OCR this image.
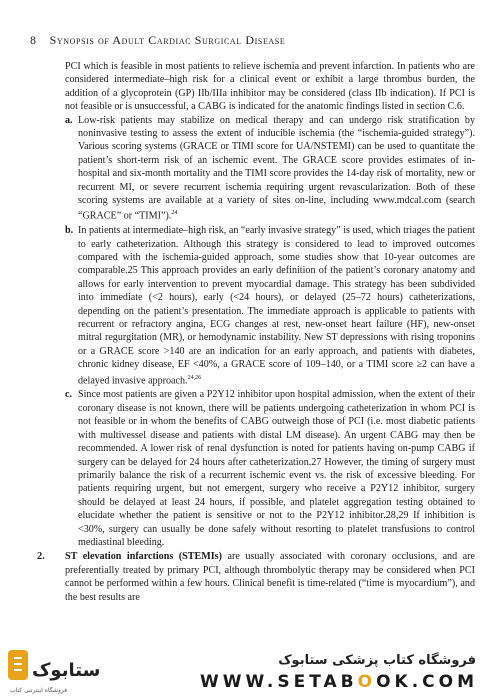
8 Synopsis of Adult Cardiac Surgical Disease

PCI which is feasible in most patients to relieve ischemia and prevent infarction. In patients who are considered intermediate–high risk for a clinical event or exhibit a large thrombus burden, the addition of a glycoprotein (GP) IIb/IIIa inhibitor may be considered (class IIb indication). If PCI is not feasible or is unsuccessful, a CABG is indicated for the anatomic findings listed in section C.6.

a. Low-risk patients may stabilize on medical therapy and can undergo risk stratification by noninvasive testing to assess the extent of inducible ischemia (the “ischemia-guided strategy”). Various scoring systems (GRACE or TIMI score for UA/NSTEMI) can be used to quantitate the patient’s short-term risk of an ischemic event. The GRACE score provides estimates of in-hospital and six-month mortality and the TIMI score provides the 14-day risk of mortality, new or recurrent MI, or severe recurrent ischemia requiring urgent revascularization. Both of these scoring systems are available at a variety of sites on-line, including www.mdcal.com (search “GRACE” or “TIMI”).$^{24}$

b. In patients at intermediate–high risk, an “early invasive strategy” is used, which triages the patient to early catheterization. Although this strategy is considered to lead to improved outcomes compared with the ischemia-guided approach, some studies show that 10-year outcomes are comparable.25 This approach provides an early definition of the patient’s coronary anatomy and allows for early intervention to prevent myocardial damage. This strategy has been subdivided into immediate (<2 hours), early (<24 hours), or delayed (25–72 hours) catheterizations, depending on the patient’s presentation. The immediate approach is applicable to patients with recurrent or refractory angina, ECG changes at rest, new-onset heart failure (HF), new-onset mitral regurgitation (MR), or hemodynamic instability. New ST depressions with rising troponins or a GRACE score >140 are an indication for an early approach, and patients with diabetes, chronic kidney disease, EF <40%, a GRACE score of 109–140, or a TIMI score ≥2 can have a delayed invasive approach.$^{24,26}$

c. Since most patients are given a P2Y12 inhibitor upon hospital admission, when the extent of their coronary disease is not known, there will be patients undergoing catheterization in whom PCI is not feasible or in whom the benefits of CABG outweigh those of PCI (i.e. most diabetic patients with multivessel disease and patients with distal LM disease). An urgent CABG may then be recommended. A lower risk of renal dysfunction is noted for patients having on-pump CABG if surgery can be delayed for 24 hours after catheterization.27 However, the timing of surgery must primarily balance the risk of a recurrent ischemic event vs. the risk of excessive bleeding. For patients requiring urgent, but not emergent, surgery who receive a P2Y12 inhibitor, surgery should be delayed at least 24 hours, if possible, and platelet aggregation testing obtained to elucidate whether the patient is sensitive or not to the P2Y12 inhibitor.28,29 If inhibition is <30%, surgery can usually be done safely without resorting to platelet transfusions to control mediastinal bleeding.

2. ST elevation infarctions (STEMIs) are usually associated with coronary occlusions, and are preferentially treated by primary PCI, although thrombolytic therapy may be considered when PCI cannot be performed within a few hours. Clinical benefit is time-related (“time is myocardium”), and the best results are

ستابوک
فروشگاه اینترنتی کتاب
فروشگاه کتاب پزشکی ستابوک
WWW.SETABOOK.COM
